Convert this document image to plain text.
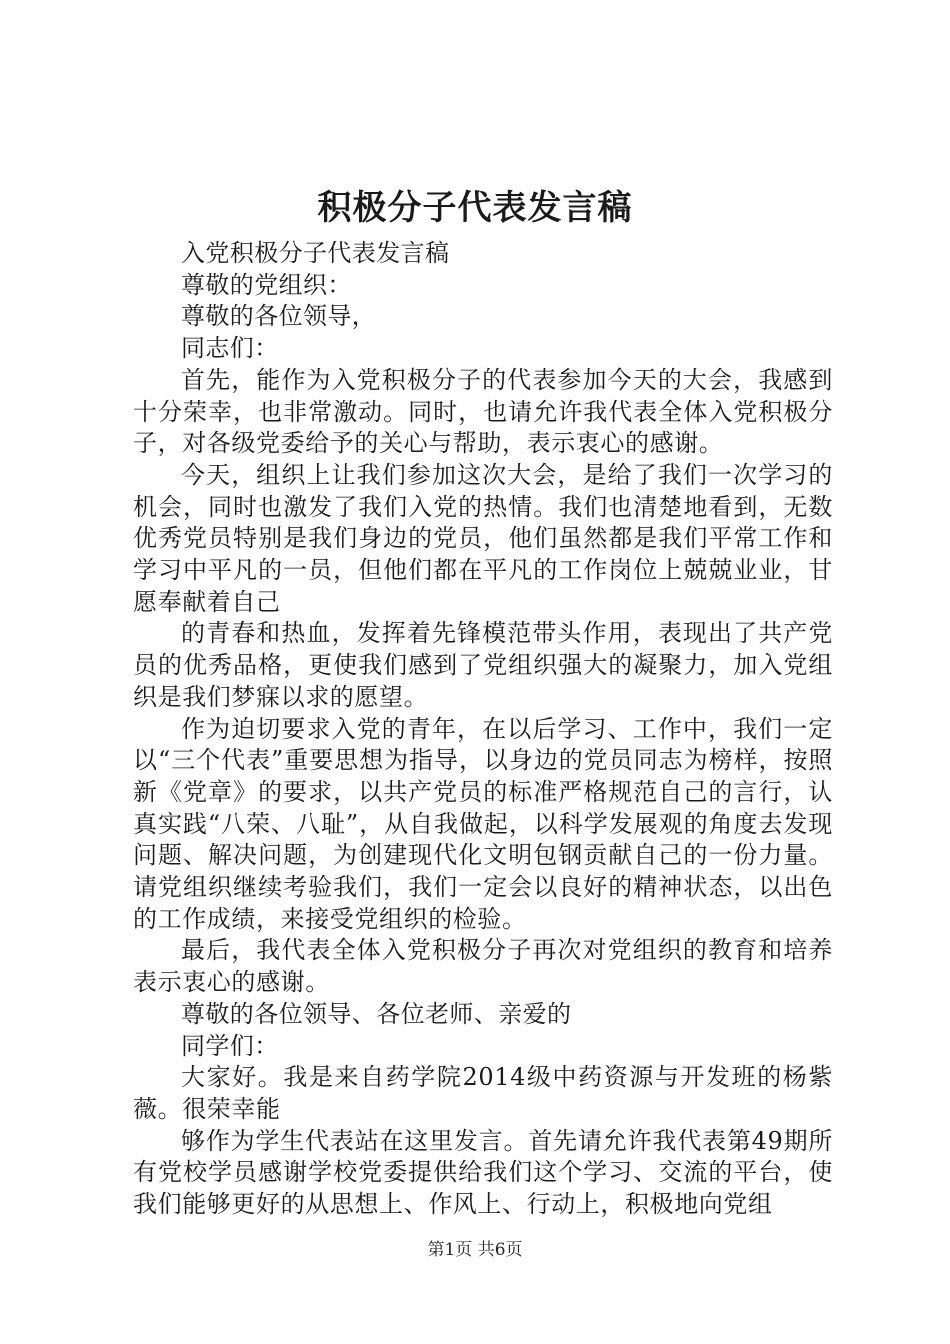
积极分子代表发言稿

入党积极分子代表发言稿

尊敬的党组织：

尊敬的各位领导，

同志们：

首先，能作为入党积极分子的代表参加今天的大会，我感到十分荣幸，也非常激动。同时，也请允许我代表全体入党积极分子，对各级党委给予的关心与帮助，表示衷心的感谢。

今天，组织上让我们参加这次大会，是给了我们一次学习的机会，同时也激发了我们入党的热情。我们也清楚地看到，无数优秀党员特别是我们身边的党员，他们虽然都是我们平常工作和学习中平凡的一员，但他们都在平凡的工作岗位上兢兢业业，甘愿奉献着自己

的青春和热血，发挥着先锋模范带头作用，表现出了共产党员的优秀品格，更使我们感到了党组织强大的凝聚力，加入党组织是我们梦寐以求的愿望。

作为迫切要求入党的青年，在以后学习、工作中，我们一定以“三个代表”重要思想为指导，以身边的党员同志为榜样，按照新《党章》的要求，以共产党员的标准严格规范自己的言行，认真实践“八荣、八耻”，从自我做起，以科学发展观的角度去发现问题、解决问题，为创建现代化文明包钢贡献自己的一份力量。请党组织继续考验我们，我们一定会以良好的精神状态，以出色的工作成绩，来接受党组织的检验。

最后，我代表全体入党积极分子再次对党组织的教育和培养表示衷心的感谢。

尊敬的各位领导、各位老师、亲爱的

同学们：

大家好。我是来自药学院2014级中药资源与开发班的杨紫薇。很荣幸能

够作为学生代表站在这里发言。首先请允许我代表第49期所有党校学员感谢学校党委提供给我们这个学习、交流的平台，使我们能够更好的从思想上、作风上、行动上，积极地向党组

第1页 共6页
